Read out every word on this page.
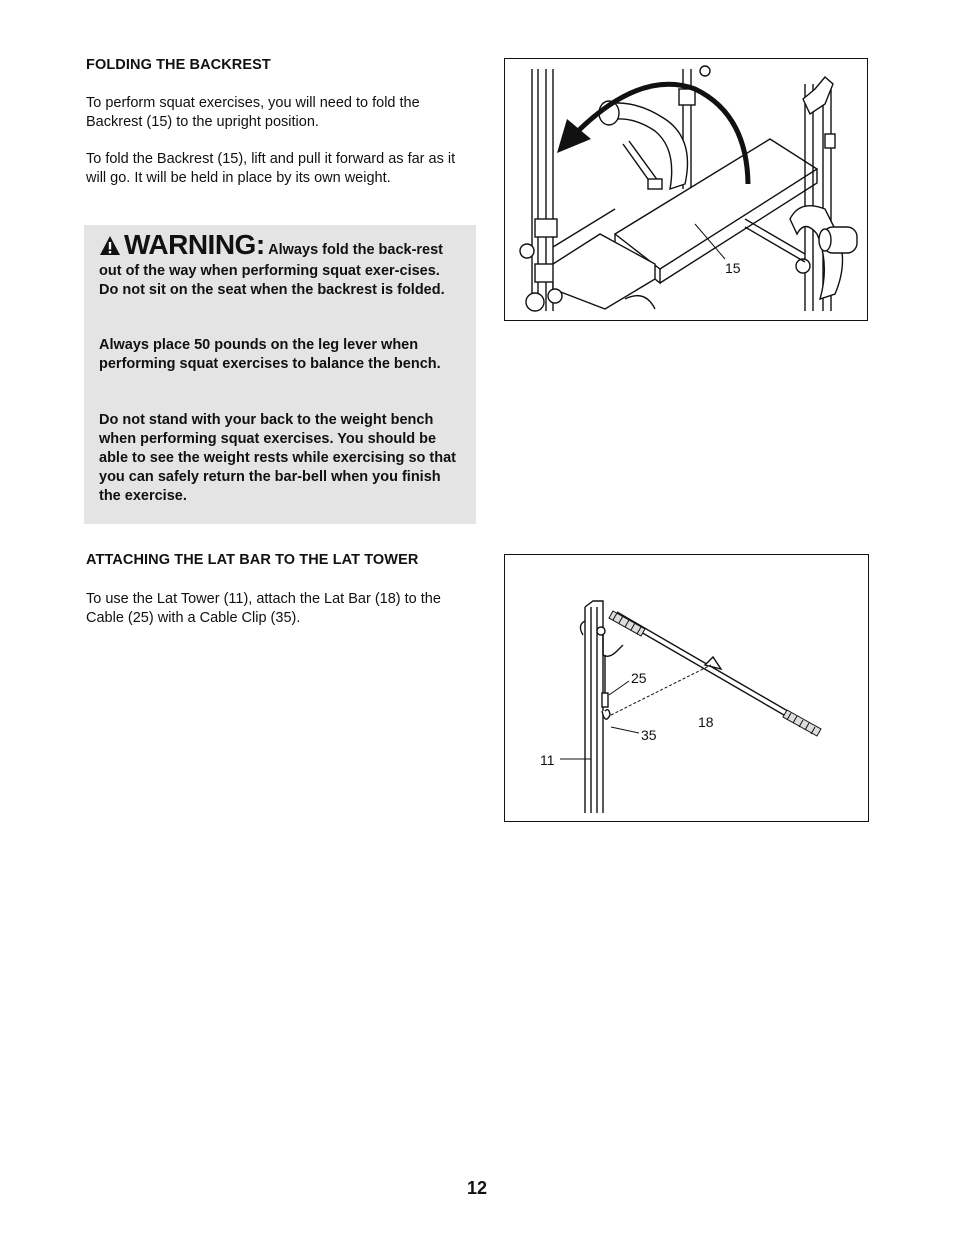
FOLDING THE BACKREST
To perform squat exercises, you will need to fold the Backrest (15) to the upright position.
To fold the Backrest (15), lift and pull it forward as far as it will go. It will be held in place by its own weight.
WARNING: Always fold the back-rest out of the way when performing squat exer-cises. Do not sit on the seat when the backrest is folded.
Always place 50 pounds on the leg lever when performing squat exercises to balance the bench.
Do not stand with your back to the weight bench when performing squat exercises. You should be able to see the weight rests while exercising so that you can safely return the bar-bell when you finish the exercise.
15
ATTACHING THE LAT BAR TO THE LAT TOWER
To use the Lat Tower (11), attach the Lat Bar (18) to the Cable (25) with a Cable Clip (35).
25
18
35
11
12
